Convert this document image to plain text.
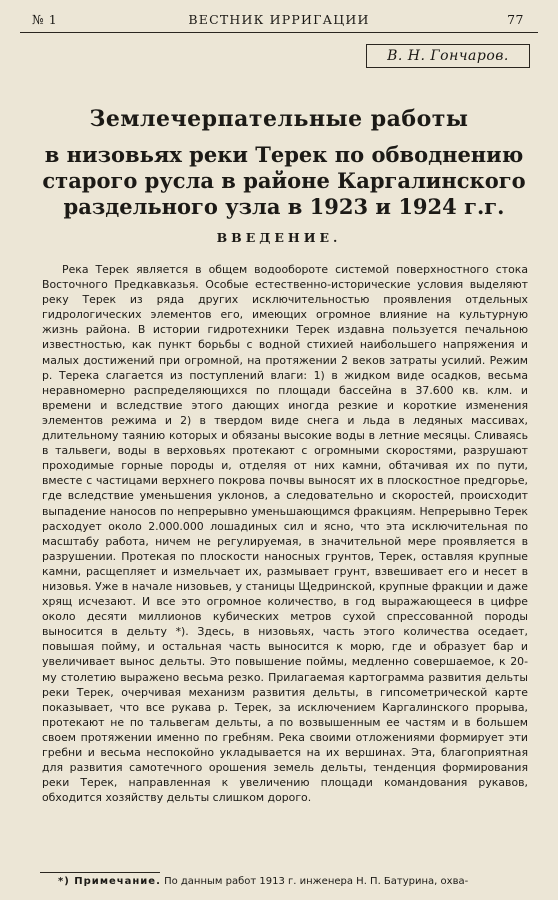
№ 1	ВЕСТНИК ИРРИГАЦИИ	77
В. Н. Гончаров.
Землечерпательные работы
в низовьях реки Терек по обводнению старого русла в районе Каргалинского раздельного узла в 1923 и 1924 г.г.
ВВЕДЕНИЕ.

Река Терек является в общем водообороте системой поверхностного стока Восточного Предкавказья. Особые естественно-исторические условия выделяют реку Терек из ряда других исключительностью проявления отдельных гидрологических элементов его, имеющих огромное влияние на культурную жизнь района. В истории гидротехники Терек издавна пользуется печальною известностью, как пункт борьбы с водной стихией наибольшего напряжения и малых достижений при огромной, на протяжении 2 веков затраты усилий. Режим р. Терека слагается из поступлений влаги: 1) в жидком виде осадков, весьма неравномерно распределяющихся по площади бассейна в 37.600 кв. клм. и времени и вследствие этого дающих иногда резкие и короткие изменения элементов режима и 2) в твердом виде снега и льда в ледяных массивах, длительному таянию которых и обязаны высокие воды в летние месяцы. Сливаясь в тальвеги, воды в верховьях протекают с огромными скоростями, разрушают проходимые горные породы и, отделяя от них камни, обтачивая их по пути, вместе с частицами верхнего покрова почвы выносят их в плоскостное предгорье, где вследствие уменьшения уклонов, а следовательно и скоростей, происходит выпадение наносов по непрерывно уменьшающимся фракциям. Непрерывно Терек расходует около 2.000.000 лошадиных сил и ясно, что эта исключительная по масштабу работа, ничем не регулируемая, в значительной мере проявляется в разрушении. Протекая по плоскости наносных грунтов, Терек, оставляя крупные камни, расщепляет и измельчает их, размывает грунт, взвешивает его и несет в низовья. Уже в начале низовьев, у станицы Щедринской, крупные фракции и даже хрящ исчезают. И все это огромное количество, в год выражающееся в цифре около десяти миллионов кубических метров сухой спрессованной породы выносится в дельту *). Здесь, в низовьях, часть этого количества оседает, повышая пойму, и остальная часть выносится к морю, где и образует бар и увеличивает вынос дельты. Это повышение поймы, медленно совершаемое, к 20-му столетию выражено весьма резко. Прилагаемая картограмма развития дельты реки Терек, очерчивая механизм развития дельты, в гипсометрической карте показывает, что все рукава р. Терек, за исключением Каргалинского прорыва, протекают не по тальвегам дельты, а по возвышенным ее частям и в большем своем протяжении именно по гребням. Река своими отложениями формирует эти гребни и весьма неспокойно укладывается на их вершинах. Эта, благоприятная для развития самотечного орошения земель дельты, тенденция формирования реки Терек, направленная к увеличению площади командования рукавов, обходится хозяйству дельты слишком дорого.

*) Примечание. По данным работ 1913 г. инженера Н. П. Батурина, охва-
